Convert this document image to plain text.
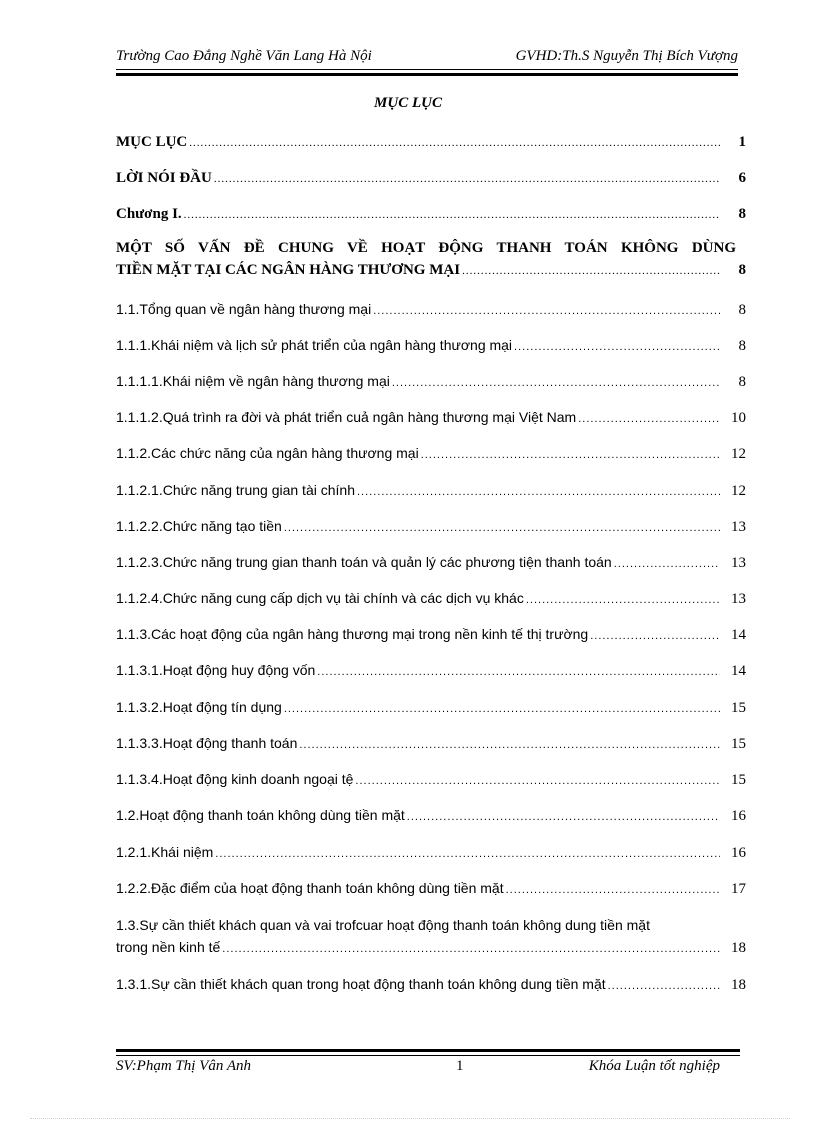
Trường Cao Đẳng Nghề Văn Lang Hà Nội	GVHD:Th.S Nguyễn Thị Bích Vượng
MỤC LỤC
MỤC LỤC .....	1
LỜI NÓI ĐẦU .....	6
Chương I. .....	8
MỘT SỐ VẤN ĐỀ CHUNG VỀ HOẠT ĐỘNG THANH TOÁN KHÔNG DÙNG
TIỀN MẶT TẠI CÁC NGÂN HÀNG THƯƠNG MẠI .....	8
1.1.Tổng quan về ngân hàng thương mại .....	8
1.1.1.Khái niệm và lịch sử phát triển của ngân hàng thương mại .....	8
1.1.1.1.Khái niệm về ngân hàng thương mại .....	8
1.1.1.2.Quá trình ra đời và phát triển cuả ngân hàng thương mại Việt Nam .....	10
1.1.2.Các chức năng của ngân hàng thương mại .....	12
1.1.2.1.Chức năng trung gian tài chính .....	12
1.1.2.2.Chức năng tạo tiền .....	13
1.1.2.3.Chức năng trung gian thanh toán và quản lý các phương tiện thanh toán .....	13
1.1.2.4.Chức năng cung cấp dịch vụ tài chính và các dịch vụ khác .....	13
1.1.3.Các hoạt động của ngân hàng thương mại trong nền kinh tế thị trường .....	14
1.1.3.1.Hoạt động huy động vốn .....	14
1.1.3.2.Hoạt động tín dụng .....	15
1.1.3.3.Hoạt động thanh toán .....	15
1.1.3.4.Hoạt động kinh doanh ngoại tệ .....	15
1.2.Hoạt động thanh toán không dùng tiền mặt .....	16
1.2.1.Khái niệm .....	16
1.2.2.Đặc điểm của hoạt động thanh toán không dùng tiền mặt .....	17
1.3.Sự cần thiết khách quan và vai trofcuar hoạt động thanh toán không dung tiền mặt
trong nền kinh tế .....	18
1.3.1.Sự cần thiết khách quan trong hoạt động thanh toán không dung tiền mặt .....	18
SV:Phạm Thị Vân Anh	1	Khóa Luận tốt nghiệp
